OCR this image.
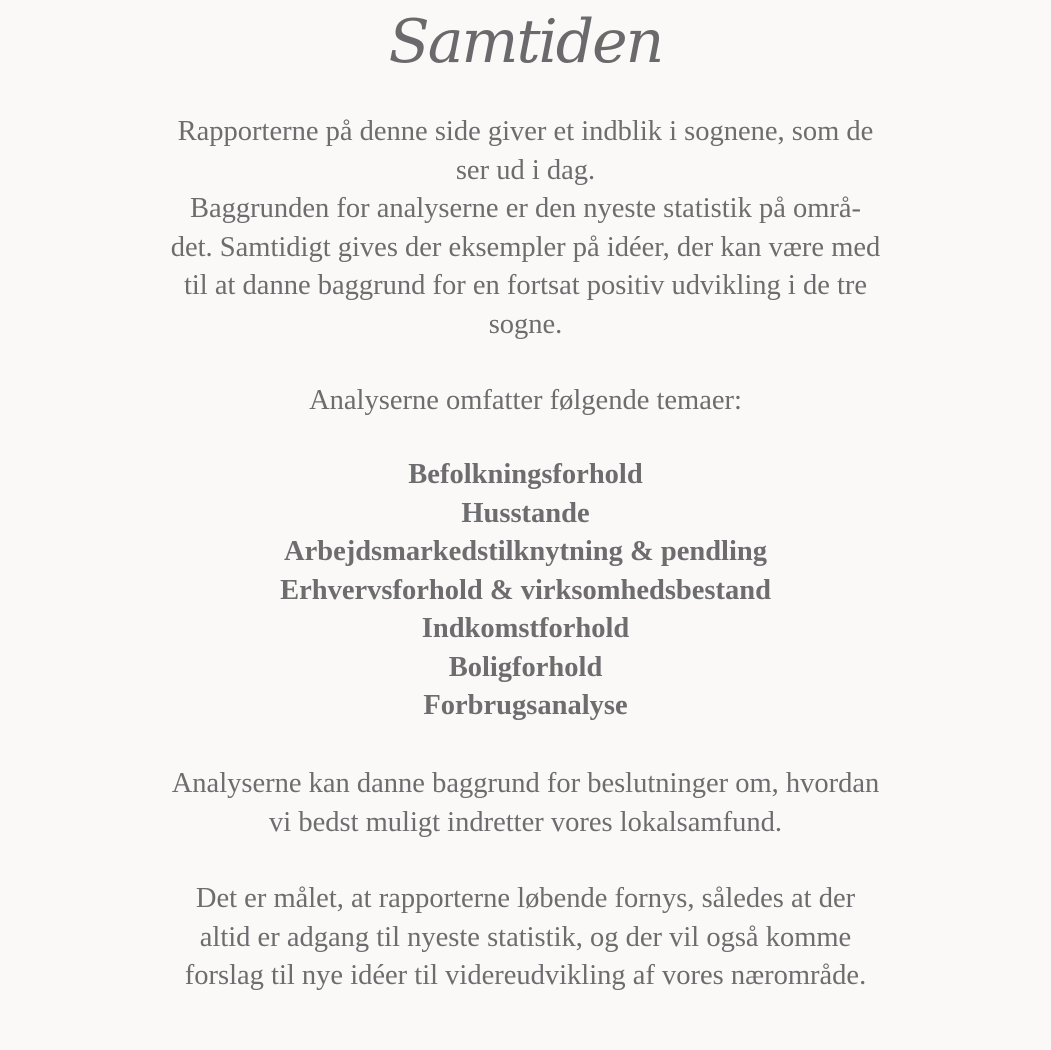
Samtiden

Rapporterne på denne side giver et indblik i sognene, som de
ser ud i dag.
Baggrunden for analyserne er den nyeste statistik på områ-
det. Samtidigt gives der eksempler på idéer, der kan være med
til at danne baggrund for en fortsat positiv udvikling i de tre
sogne.

Analyserne omfatter følgende temaer:

Befolkningsforhold
Husstande
Arbejdsmarkedstilknytning & pendling
Erhvervsforhold & virksomhedsbestand
Indkomstforhold
Boligforhold
Forbrugsanalyse

Analyserne kan danne baggrund for beslutninger om, hvordan
vi bedst muligt indretter vores lokalsamfund.

Det er målet, at rapporterne løbende fornys, således at der
altid er adgang til nyeste statistik, og der vil også komme
forslag til nye idéer til videreudvikling af vores nærområde.
